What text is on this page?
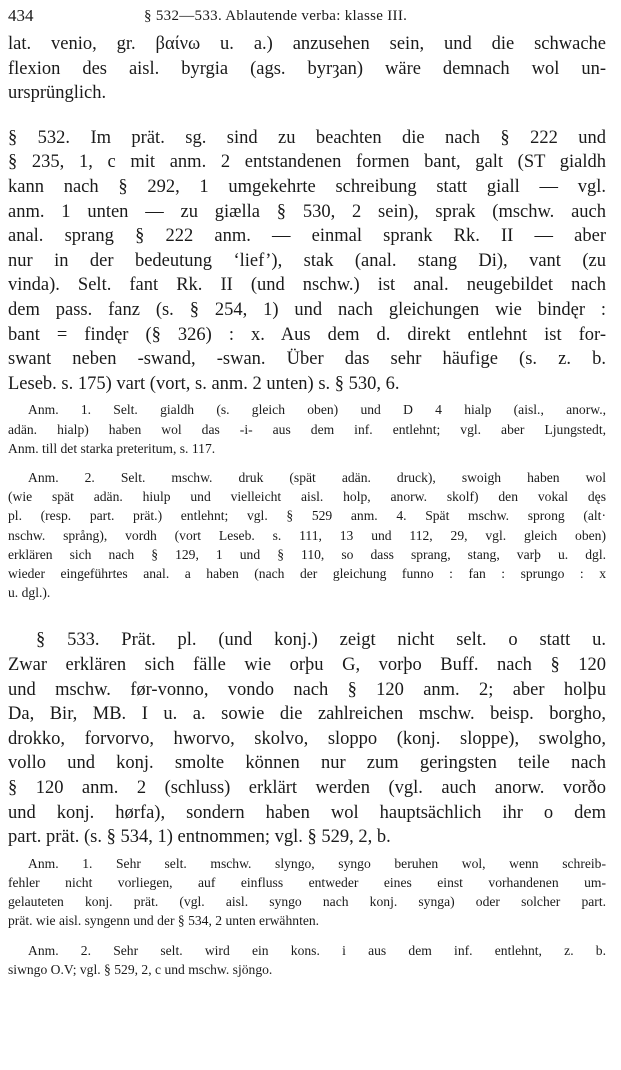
434	§ 532—533. Ablautende verba: klasse III.

lat. venio, gr. βαίνω u. a.) anzusehen sein, und die schwache
flexion des aisl. byrgia (ags. byrȝan) wäre demnach wol un-
ursprünglich.

§ 532. Im prät. sg. sind zu beachten die nach § 222 und
§ 235, 1, c mit anm. 2 entstandenen formen bant, galt (ST gialdh
kann nach § 292, 1 umgekehrte schreibung statt giall — vgl.
anm. 1 unten — zu giælla § 530, 2 sein), sprak (mschw. auch
anal. sprang § 222 anm. — einmal sprank Rk. II — aber
nur in der bedeutung ‘lief’), stak (anal. stang Di), vant (zu
vinda). Selt. fant Rk. II (und nschw.) ist anal. neugebildet nach
dem pass. fanz (s. § 254, 1) und nach gleichungen wie bindęr :
bant = findęr (§ 326) : x. Aus dem d. direkt entlehnt ist for-
swant neben -swand, -swan. Über das sehr häufige (s. z. b.
Leseb. s. 175) vart (vort, s. anm. 2 unten) s. § 530, 6.

Anm. 1. Selt. gialdh (s. gleich oben) und D 4 hialp (aisl., anorw.,
adän. hialp) haben wol das -i- aus dem inf. entlehnt; vgl. aber Ljungstedt,
Anm. till det starka preteritum, s. 117.

Anm. 2. Selt. mschw. druk (spät adän. druck), swoigh haben wol
(wie spät adän. hiulp und vielleicht aisl. holp, anorw. skolf) den vokal dęs
pl. (resp. part. prät.) entlehnt; vgl. § 529 anm. 4. Spät mschw. sprong (alt·
nschw. språng), vordh (vort Leseb. s. 111, 13 und 112, 29, vgl. gleich oben)
erklären sich nach § 129, 1 und § 110, so dass sprang, stang, varþ u. dgl.
wieder eingeführtes anal. a haben (nach der gleichung funno : fan : sprungo : x
u. dgl.).

§ 533. Prät. pl. (und konj.) zeigt nicht selt. o statt u.
Zwar erklären sich fälle wie orþu G, vorþo Buff. nach § 120
und mschw. før-vonno, vondo nach § 120 anm. 2; aber holþu
Da, Bir, MB. I u. a. sowie die zahlreichen mschw. beisp. borgho,
drokko, forvorvo, hworvo, skolvo, sloppo (konj. sloppe), swolgho,
vollo und konj. smolte können nur zum geringsten teile nach
§ 120 anm. 2 (schluss) erklärt werden (vgl. auch anorw. vorðo
und konj. hørfa), sondern haben wol hauptsächlich ihr o dem
part. prät. (s. § 534, 1) entnommen; vgl. § 529, 2, b.

Anm. 1. Sehr selt. mschw. slyngo, syngo beruhen wol, wenn schreib-
fehler nicht vorliegen, auf einfluss entweder eines einst vorhandenen um-
gelauteten konj. prät. (vgl. aisl. syngo nach konj. synga) oder solcher part.
prät. wie aisl. syngenn und der § 534, 2 unten erwähnten.

Anm. 2. Sehr selt. wird ein kons. i aus dem inf. entlehnt, z. b.
siwngo O.V; vgl. § 529, 2, c und mschw. sjöngo.
